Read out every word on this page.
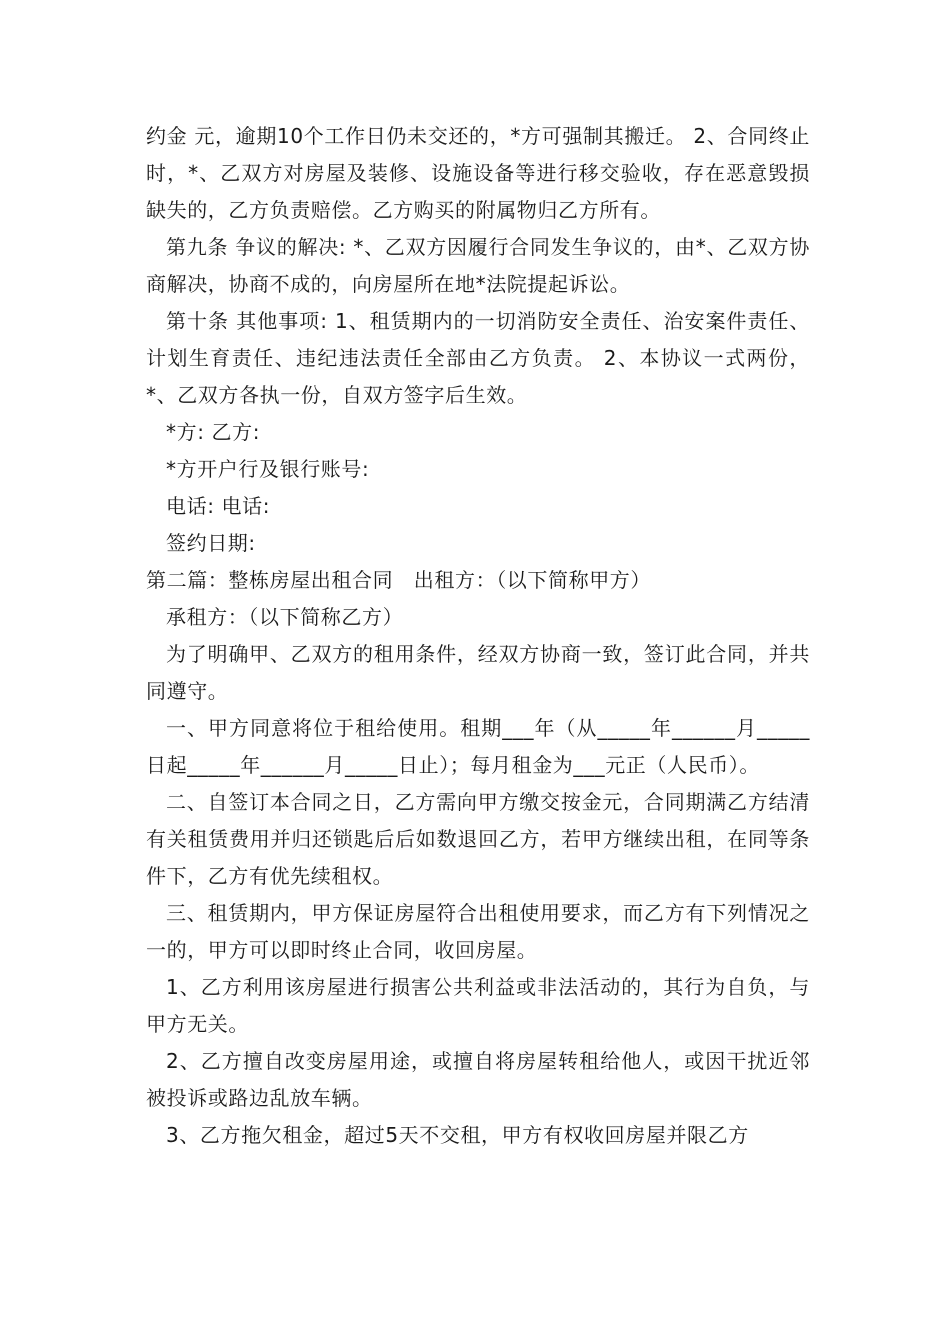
约金 元，逾期10个工作日仍未交还的，*方可强制其搬迁。 2、合同终止时，*、乙双方对房屋及装修、设施设备等进行移交验收，存在恶意毁损缺失的，乙方负责赔偿。乙方购买的附属物归乙方所有。

第九条 争议的解决: *、乙双方因履行合同发生争议的，由*、乙双方协商解决，协商不成的，向房屋所在地*法院提起诉讼。

第十条 其他事项: 1、租赁期内的一切消防安全责任、治安案件责任、计划生育责任、违纪违法责任全部由乙方负责。 2、本协议一式两份，*、乙双方各执一份，自双方签字后生效。

*方: 乙方:

*方开户行及银行账号:

电话: 电话:

签约日期:

第二篇：整栋房屋出租合同　出租方：（以下简称甲方）

承租方：（以下简称乙方）

为了明确甲、乙双方的租用条件，经双方协商一致，签订此合同，并共同遵守。

一、甲方同意将位于租给使用。租期___年（从_____年______月_____日起_____年______月_____日止）；每月租金为___元正（人民币）。

二、自签订本合同之日，乙方需向甲方缴交按金元，合同期满乙方结清有关租赁费用并归还锁匙后后如数退回乙方，若甲方继续出租，在同等条件下，乙方有优先续租权。

三、租赁期内，甲方保证房屋符合出租使用要求，而乙方有下列情况之一的，甲方可以即时终止合同，收回房屋。

1、乙方利用该房屋进行损害公共利益或非法活动的，其行为自负，与甲方无关。

2、乙方擅自改变房屋用途，或擅自将房屋转租给他人，或因干扰近邻被投诉或路边乱放车辆。

3、乙方拖欠租金，超过5天不交租，甲方有权收回房屋并限乙方
